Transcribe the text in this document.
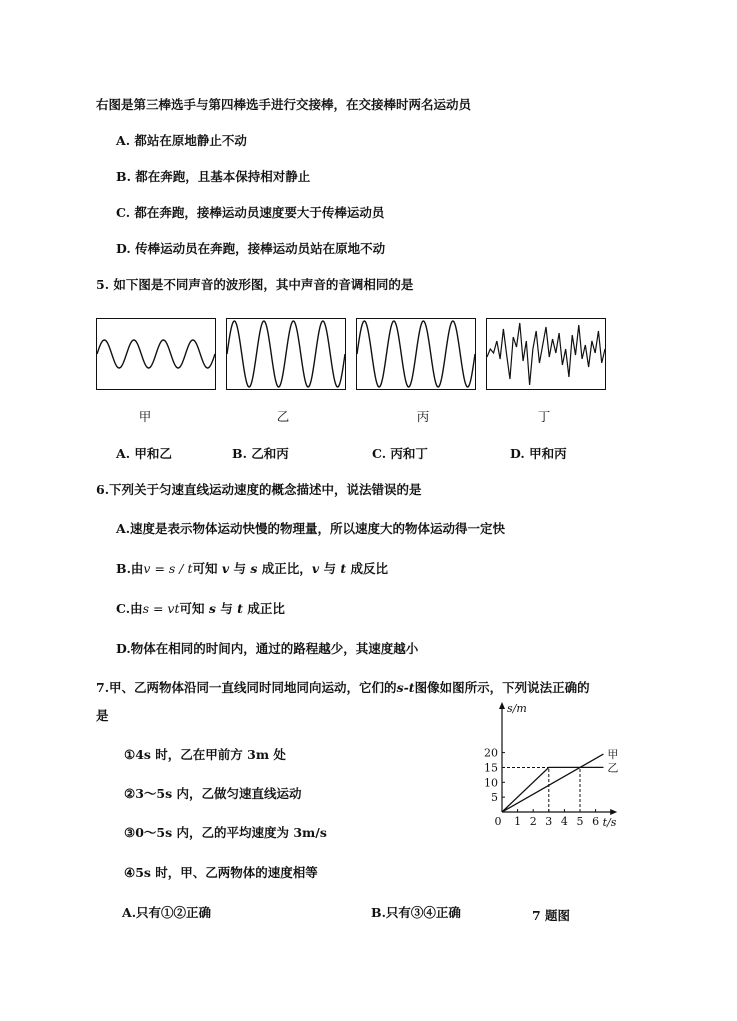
右图是第三棒选手与第四棒选手进行交接棒，在交接棒时两名运动员
A. 都站在原地静止不动
B. 都在奔跑，且基本保持相对静止
C. 都在奔跑，接棒运动员速度要大于传棒运动员
D. 传棒运动员在奔跑，接棒运动员站在原地不动
5. 如下图是不同声音的波形图，其中声音的音调相同的是
甲	乙	丙	丁
A. 甲和乙	B. 乙和丙	C. 丙和丁	D. 甲和丙
6.下列关于匀速直线运动速度的概念描述中，说法错误的是
A.速度是表示物体运动快慢的物理量，所以速度大的物体运动得一定快
B.由v = s / t可知 v 与 s 成正比，v 与 t 成反比
C.由s = vt可知 s 与 t 成正比
D.物体在相同的时间内，通过的路程越少，其速度越小
7.甲、乙两物体沿同一直线同时同地同向运动，它们的s-t图像如图所示，下列说法正确的
是
①4s 时，乙在甲前方 3m 处
②3～5s 内，乙做匀速直线运动
③0～5s 内，乙的平均速度为 3m/s
④5s 时，甲、乙两物体的速度相等
A.只有①②正确	B.只有③④正确	7 题图
0 1 2 3 4 5 6
5
10
15
20	甲
乙
s/m
t/s
